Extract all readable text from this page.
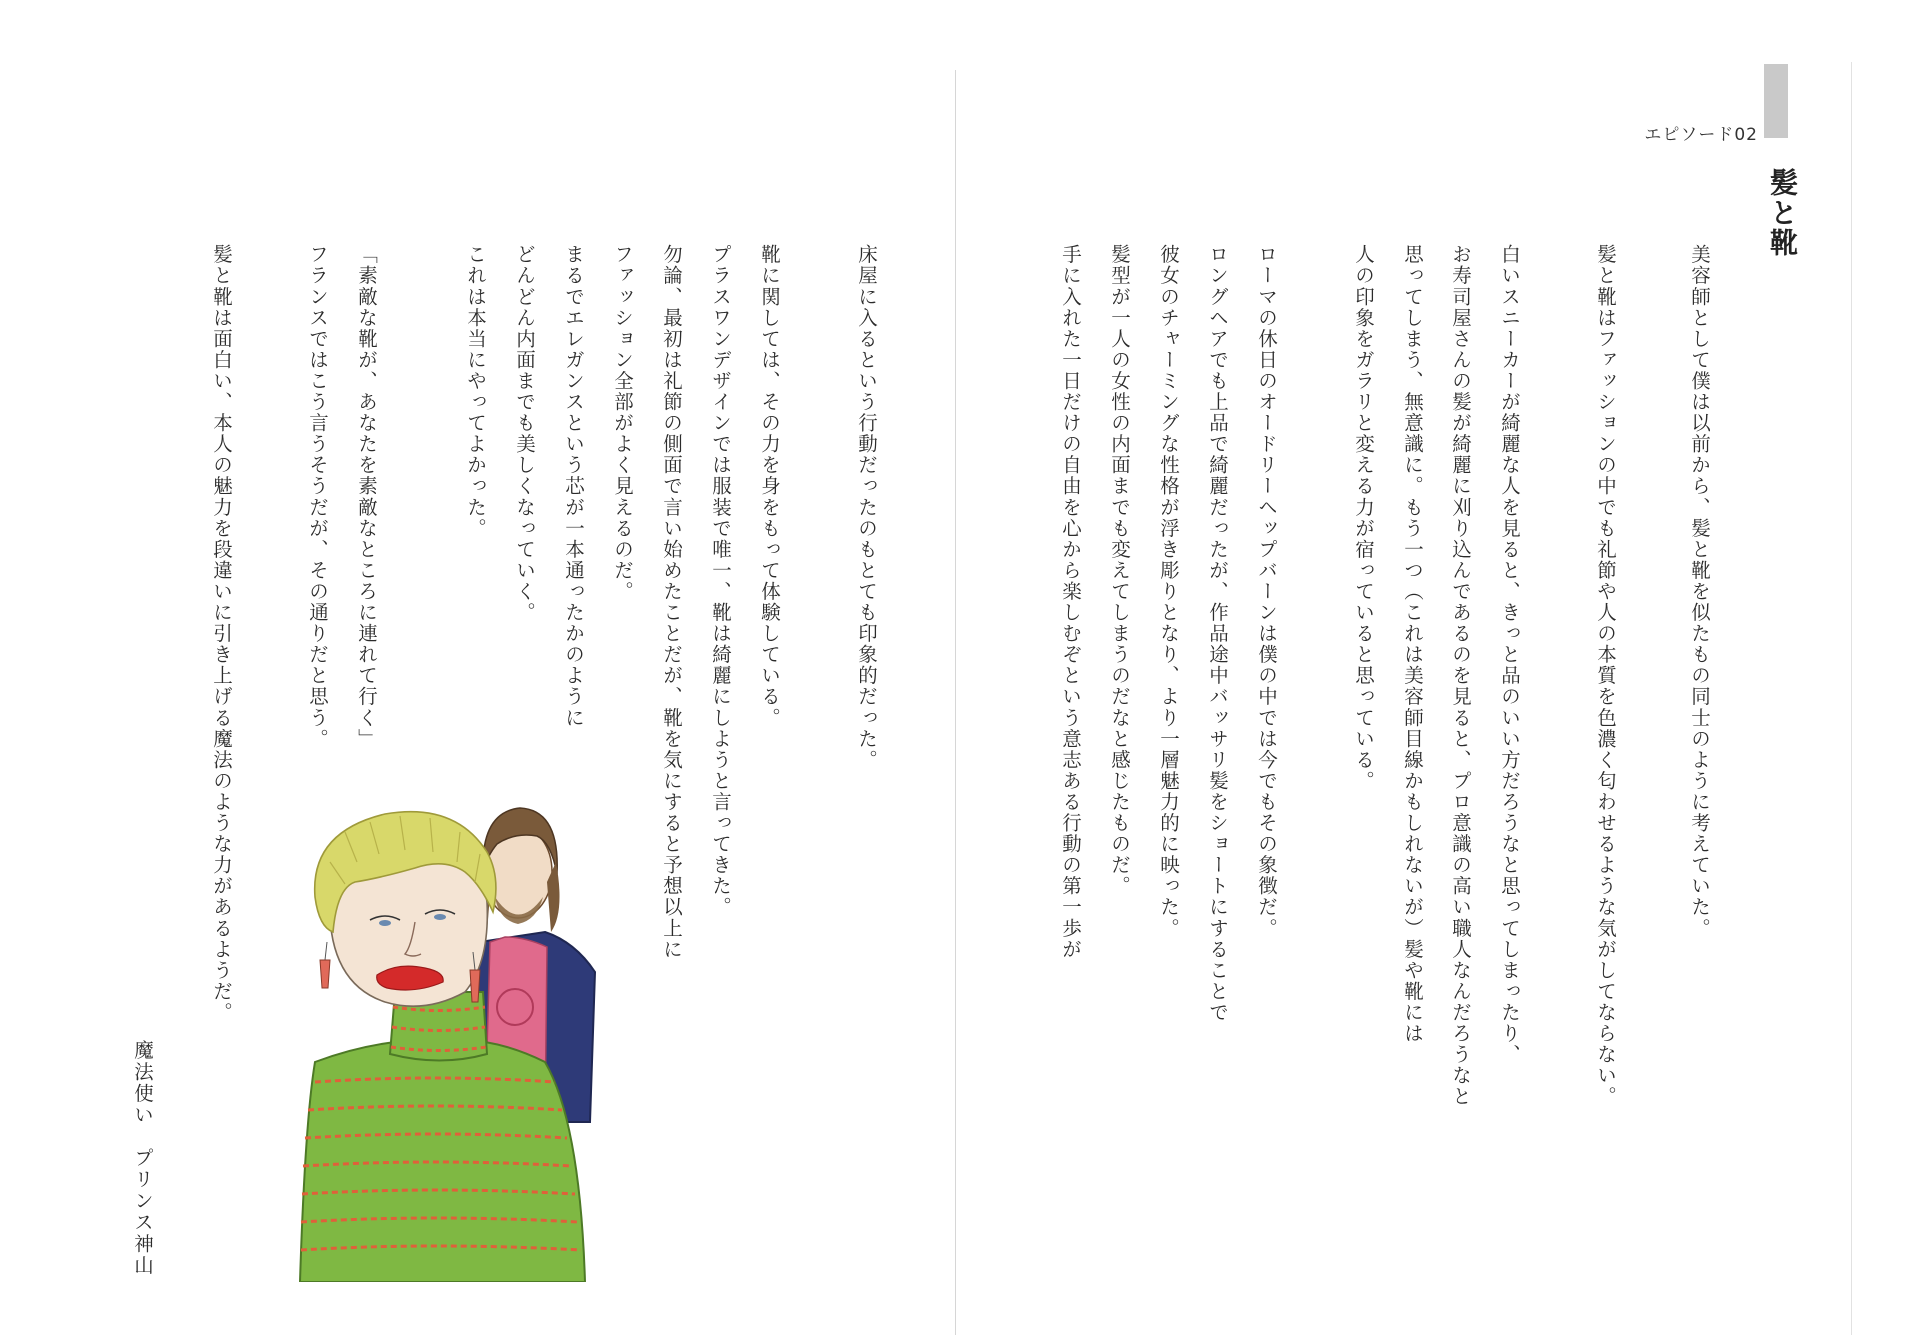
エピソード02
髪と靴
美容師として僕は以前から、髪と靴を似たもの同士のように考えていた。
髪と靴はファッションの中でも礼節や人の本質を色濃く匂わせるような気がしてならない。
白いスニーカーが綺麗な人を見ると、きっと品のいい方だろうなと思ってしまったり、
お寿司屋さんの髪が綺麗に刈り込んであるのを見ると、プロ意識の高い職人なんだろうなと
思ってしまう、無意識に。もう一つ（これは美容師目線かもしれないが）髪や靴には
人の印象をガラリと変える力が宿っていると思っている。
ローマの休日のオードリーヘップバーンは僕の中では今でもその象徴だ。
ロングヘアでも上品で綺麗だったが、作品途中バッサリ髪をショートにすることで
彼女のチャーミングな性格が浮き彫りとなり、より一層魅力的に映った。
髪型が一人の女性の内面までも変えてしまうのだなと感じたものだ。
手に入れた一日だけの自由を心から楽しむぞという意志ある行動の第一歩が
床屋に入るという行動だったのもとても印象的だった。
靴に関しては、その力を身をもって体験している。
プラスワンデザインでは服装で唯一、靴は綺麗にしようと言ってきた。
勿論、最初は礼節の側面で言い始めたことだが、靴を気にすると予想以上に
ファッション全部がよく見えるのだ。
まるでエレガンスという芯が一本通ったかのように
どんどん内面までも美しくなっていく。
これは本当にやってよかった。
「素敵な靴が、あなたを素敵なところに連れて行く」
フランスではこう言うそうだが、その通りだと思う。
髪と靴は面白い、本人の魅力を段違いに引き上げる魔法のような力があるようだ。
魔法使い　プリンス神山
